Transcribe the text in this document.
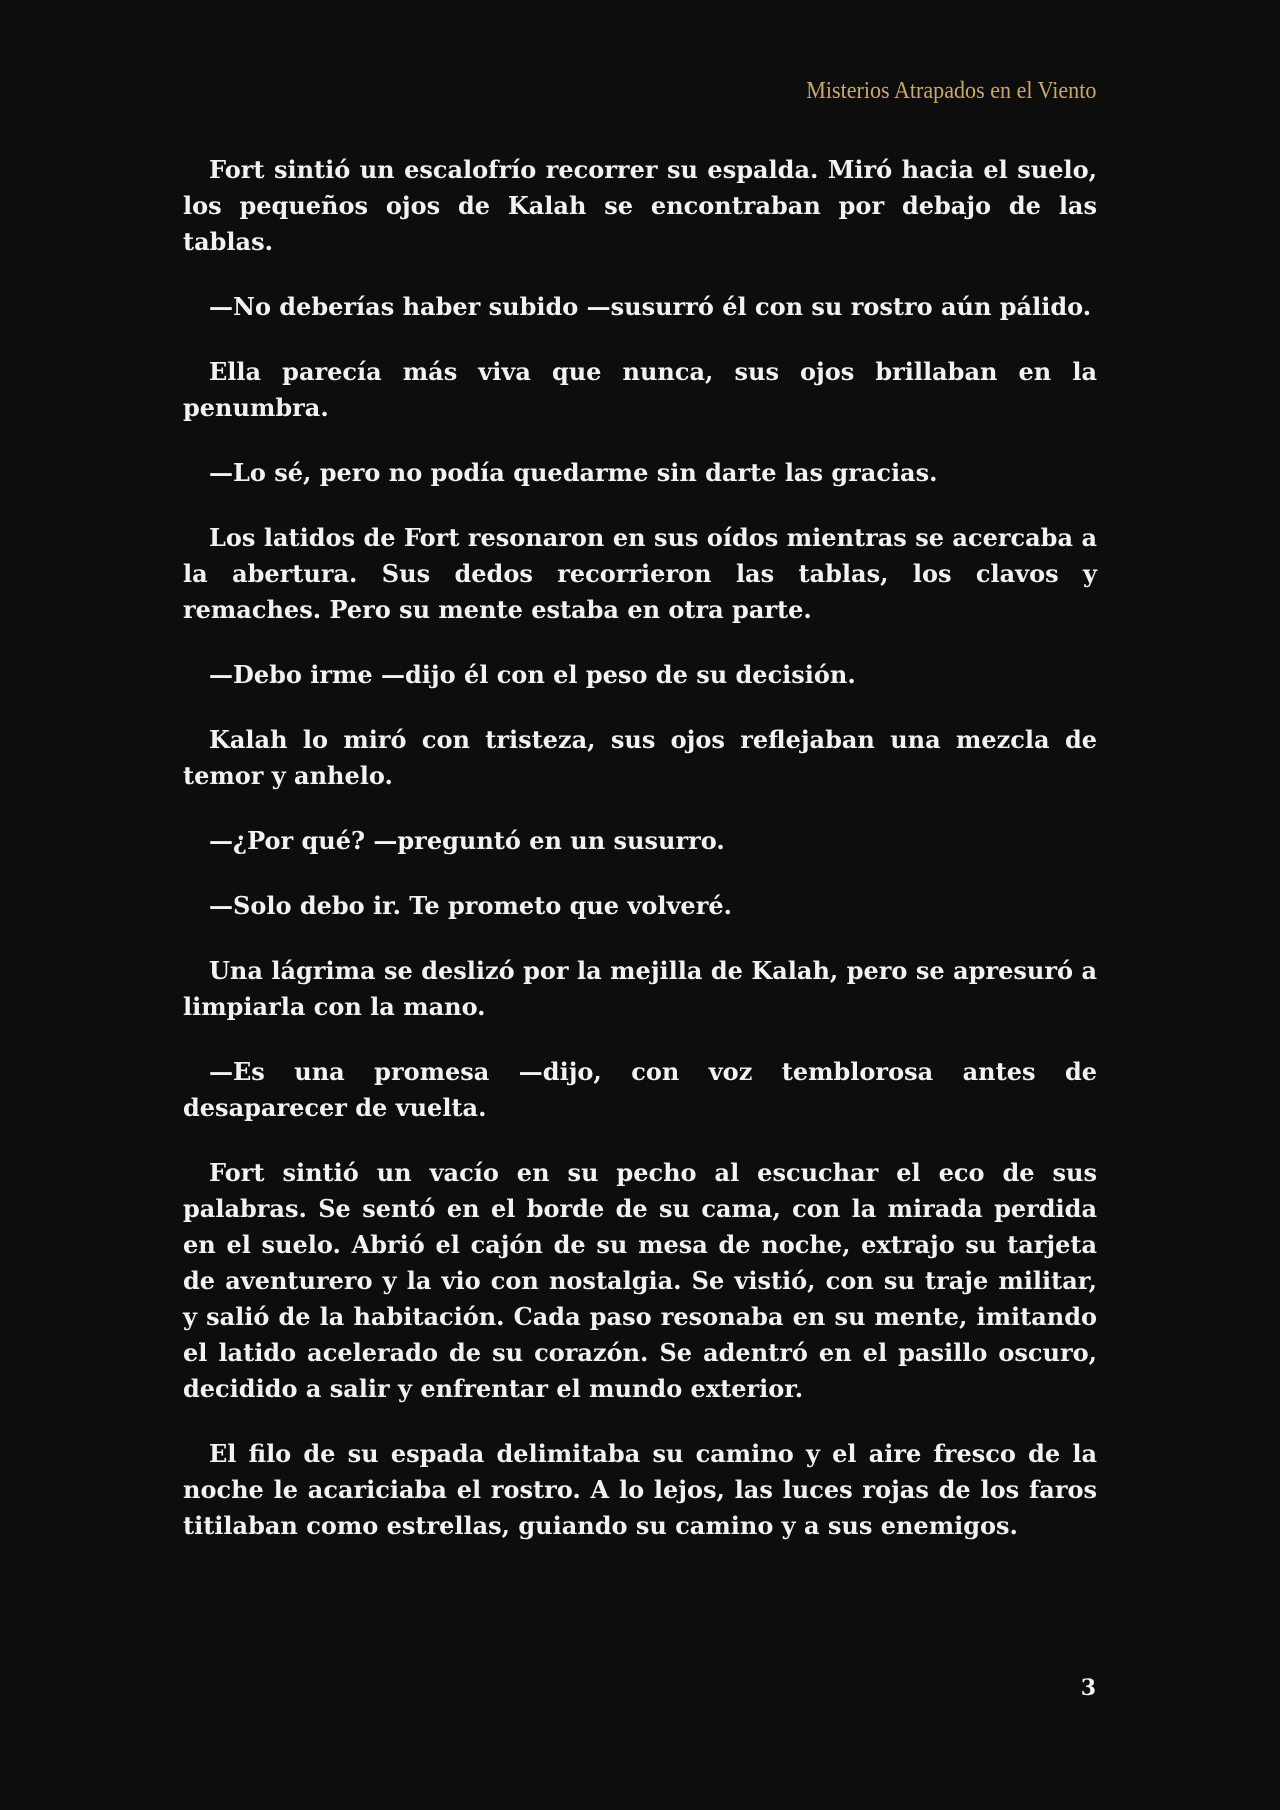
Misterios Atrapados en el Viento

Fort sintió un escalofrío recorrer su espalda. Miró hacia el suelo, los pequeños ojos de Kalah se encontraban por debajo de las tablas.

—No deberías haber subido —susurró él con su rostro aún pálido.

Ella parecía más viva que nunca, sus ojos brillaban en la penumbra.

—Lo sé, pero no podía quedarme sin darte las gracias.

Los latidos de Fort resonaron en sus oídos mientras se acercaba a la abertura. Sus dedos recorrieron las tablas, los clavos y remaches. Pero su mente estaba en otra parte.

—Debo irme —dijo él con el peso de su decisión.

Kalah lo miró con tristeza, sus ojos reflejaban una mezcla de temor y anhelo.

—¿Por qué? —preguntó en un susurro.

—Solo debo ir. Te prometo que volveré.

Una lágrima se deslizó por la mejilla de Kalah, pero se apresuró a limpiarla con la mano.

—Es una promesa —dijo, con voz temblorosa antes de desaparecer de vuelta.

Fort sintió un vacío en su pecho al escuchar el eco de sus palabras. Se sentó en el borde de su cama, con la mirada perdida en el suelo. Abrió el cajón de su mesa de noche, extrajo su tarjeta de aventurero y la vio con nostalgia. Se vistió, con su traje militar, y salió de la habitación. Cada paso resonaba en su mente, imitando el latido acelerado de su corazón. Se adentró en el pasillo oscuro, decidido a salir y enfrentar el mundo exterior.

El filo de su espada delimitaba su camino y el aire fresco de la noche le acariciaba el rostro. A lo lejos, las luces rojas de los faros titilaban como estrellas, guiando su camino y a sus enemigos.

3
